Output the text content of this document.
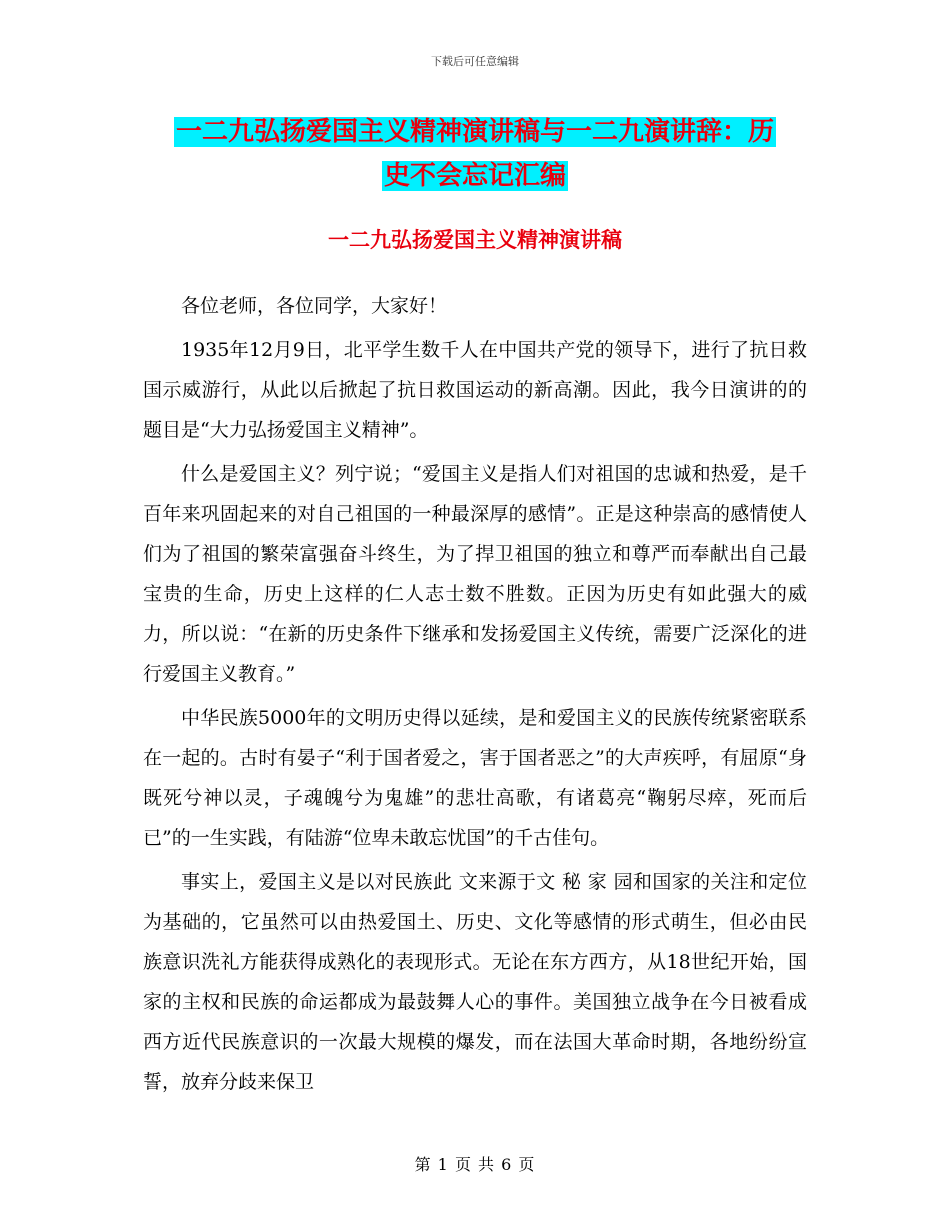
下载后可任意编辑
一二九弘扬爱国主义精神演讲稿与一二九演讲辞：历
史不会忘记汇编
一二九弘扬爱国主义精神演讲稿

各位老师，各位同学，大家好！

1935年12月9日，北平学生数千人在中国共产党的领导下，进行了抗日救国示威游行，从此以后掀起了抗日救国运动的新高潮。因此，我今日演讲的的题目是“大力弘扬爱国主义精神”。

什么是爱国主义？列宁说；“爱国主义是指人们对祖国的忠诚和热爱，是千百年来巩固起来的对自己祖国的一种最深厚的感情”。正是这种崇高的感情使人们为了祖国的繁荣富强奋斗终生，为了捍卫祖国的独立和尊严而奉献出自己最宝贵的生命，历史上这样的仁人志士数不胜数。正因为历史有如此强大的威力，所以说：“在新的历史条件下继承和发扬爱国主义传统，需要广泛深化的进行爱国主义教育。”

中华民族5000年的文明历史得以延续，是和爱国主义的民族传统紧密联系在一起的。古时有晏子“利于国者爱之，害于国者恶之”的大声疾呼，有屈原“身既死兮神以灵，子魂魄兮为鬼雄”的悲壮高歌，有诸葛亮“鞠躬尽瘁，死而后已”的一生实践，有陆游“位卑未敢忘忧国”的千古佳句。

事实上，爱国主义是以对民族此 文来源于文 秘 家 园和国家的关注和定位为基础的，它虽然可以由热爱国土、历史、文化等感情的形式萌生，但必由民族意识洗礼方能获得成熟化的表现形式。无论在东方西方，从18世纪开始，国家的主权和民族的命运都成为最鼓舞人心的事件。美国独立战争在今日被看成西方近代民族意识的一次最大规模的爆发，而在法国大革命时期，各地纷纷宣誓，放弃分歧来保卫

第 1 页 共 6 页
